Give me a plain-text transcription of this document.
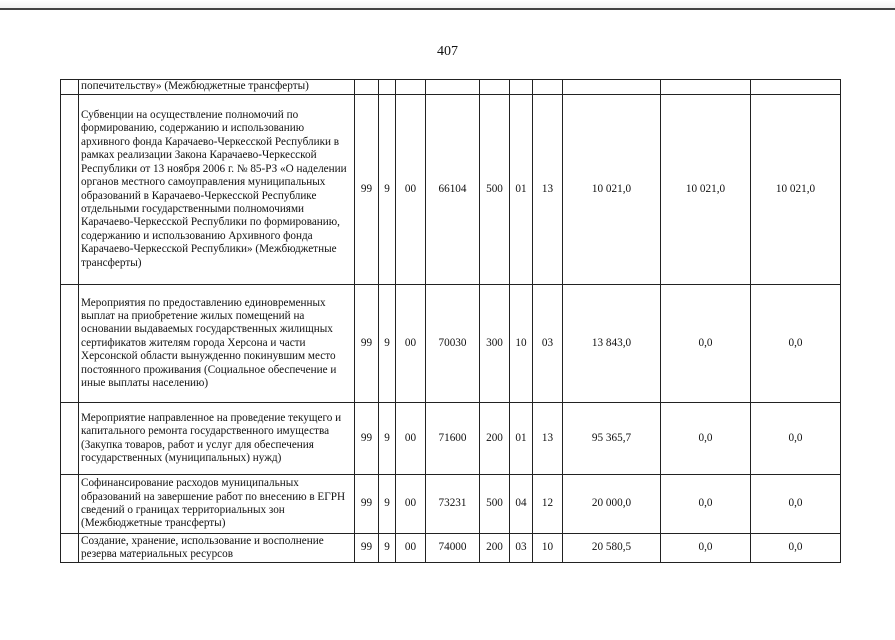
407
	попечительству» (Межбюджетные трансферты)										
	Субвенции на осуществление полномочий по формированию, содержанию и использованию архивного фонда Карачаево-Черкесской Республики в рамках реализации Закона Карачаево-Черкесской Республики от 13 ноября 2006 г. № 85-РЗ «О наделении органов местного самоуправления муниципальных образований в Карачаево-Черкесской Республике отдельными государственными полномочиями Карачаево-Черкесской Республики по формированию, содержанию и использованию Архивного фонда Карачаево-Черкесской Республики» (Межбюджетные трансферты)	99	9	00	66104	500	01	13	10 021,0	10 021,0	10 021,0
	Мероприятия по предоставлению единовременных выплат на приобретение жилых помещений на основании выдаваемых государственных жилищных сертификатов жителям города Херсона и части Херсонской области вынужденно покинувшим место постоянного проживания (Социальное обеспечение и иные выплаты населению)	99	9	00	70030	300	10	03	13 843,0	0,0	0,0
	Мероприятие направленное на проведение текущего и капитального ремонта государственного имущества (Закупка товаров, работ и услуг для обеспечения государственных (муниципальных) нужд)	99	9	00	71600	200	01	13	95 365,7	0,0	0,0
	Софинансирование расходов муниципальных образований на завершение работ по внесению в ЕГРН сведений о границах территориальных зон (Межбюджетные трансферты)	99	9	00	73231	500	04	12	20 000,0	0,0	0,0
	Создание, хранение, использование и восполнение резерва материальных ресурсов	99	9	00	74000	200	03	10	20 580,5	0,0	0,0
